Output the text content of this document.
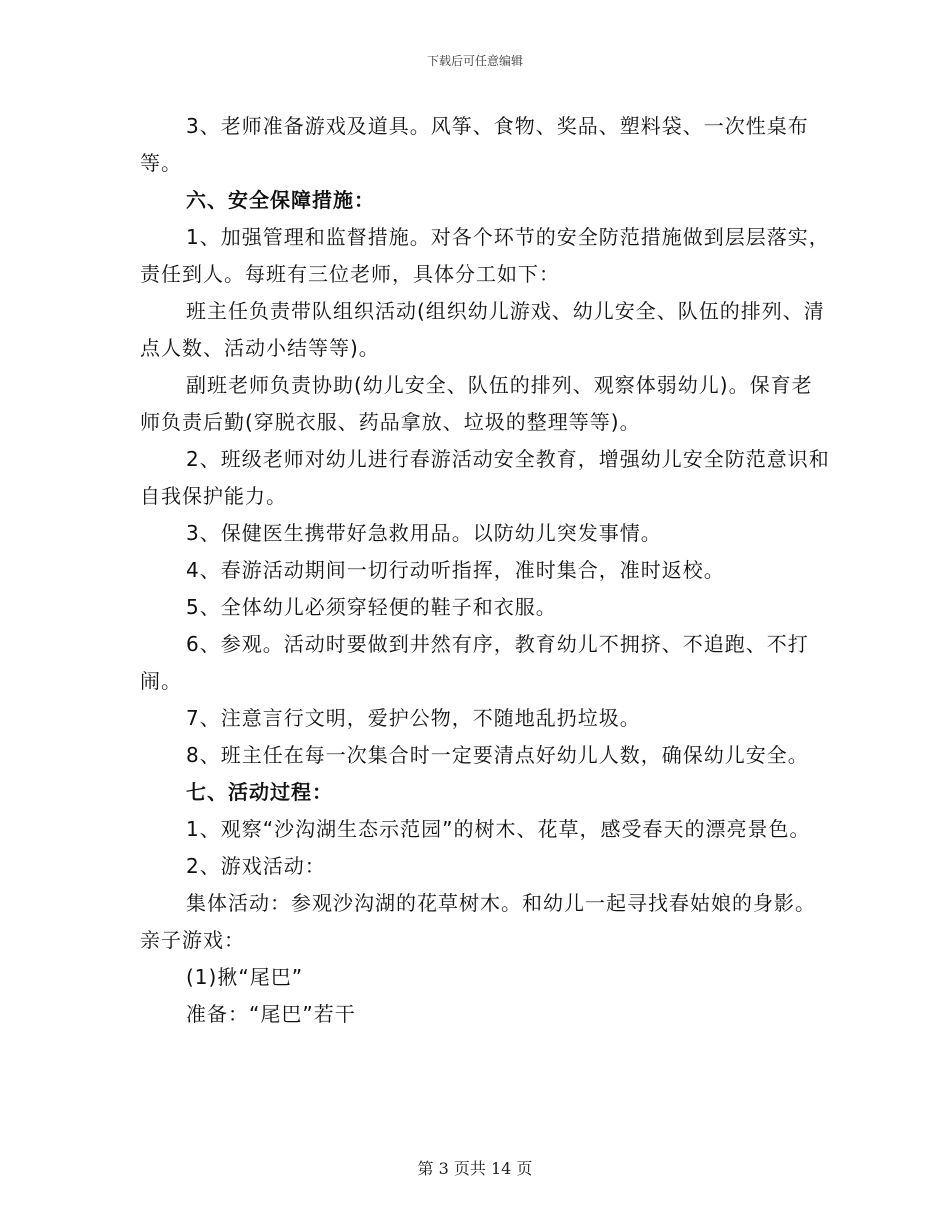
下载后可任意编辑

3、老师准备游戏及道具。风筝、食物、奖品、塑料袋、一次性桌布等。

六、安全保障措施：

1、加强管理和监督措施。对各个环节的安全防范措施做到层层落实，责任到人。每班有三位老师，具体分工如下：

班主任负责带队组织活动(组织幼儿游戏、幼儿安全、队伍的排列、清点人数、活动小结等等)。

副班老师负责协助(幼儿安全、队伍的排列、观察体弱幼儿)。保育老师负责后勤(穿脱衣服、药品拿放、垃圾的整理等等)。

2、班级老师对幼儿进行春游活动安全教育，增强幼儿安全防范意识和自我保护能力。

3、保健医生携带好急救用品。以防幼儿突发事情。

4、春游活动期间一切行动听指挥，准时集合，准时返校。

5、全体幼儿必须穿轻便的鞋子和衣服。

6、参观。活动时要做到井然有序，教育幼儿不拥挤、不追跑、不打闹。

7、注意言行文明，爱护公物，不随地乱扔垃圾。

8、班主任在每一次集合时一定要清点好幼儿人数，确保幼儿安全。

七、活动过程：

1、观察“沙沟湖生态示范园”的树木、花草，感受春天的漂亮景色。

2、游戏活动：

集体活动：参观沙沟湖的花草树木。和幼儿一起寻找春姑娘的身影。亲子游戏：

(1)揪“尾巴”

准备：“尾巴”若干

第 3 页共 14 页
